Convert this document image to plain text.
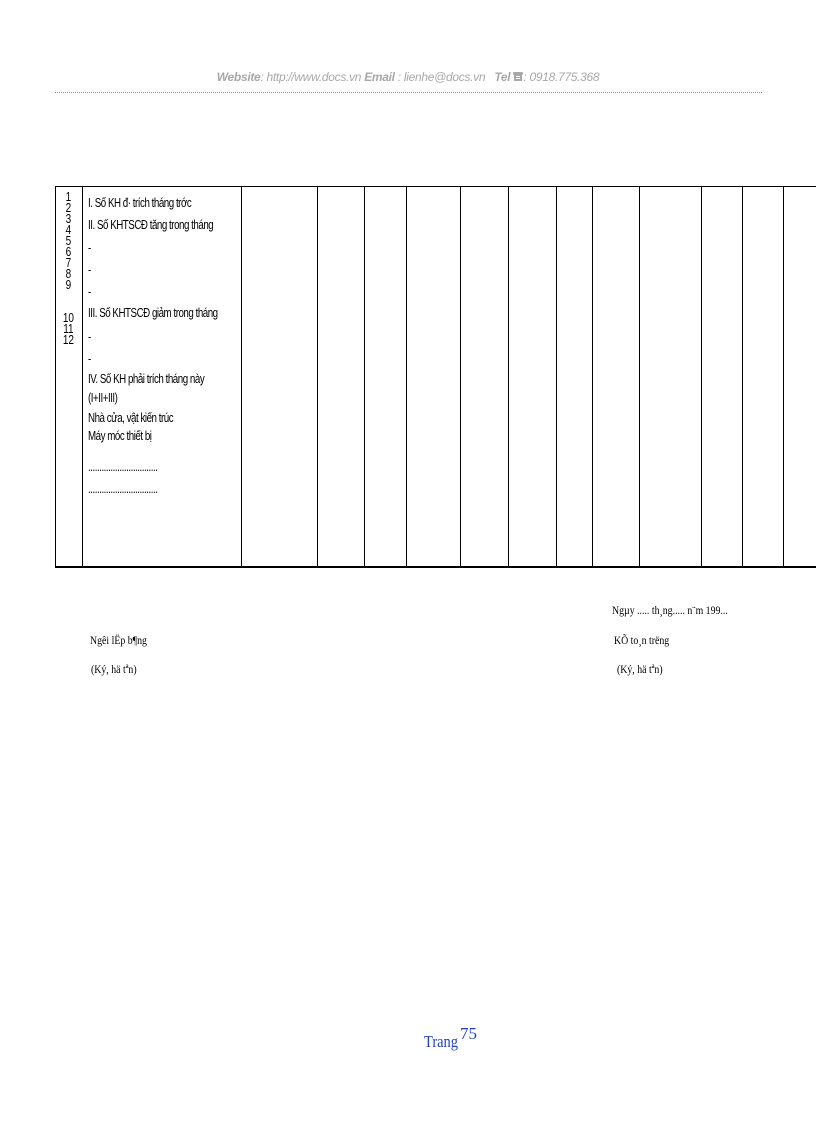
Website: http://www.docs.vn Email : lienhe@docs.vn Tel : 0918.775.368
1
2
3
4
5
6
7
8
9
10
11
12
I. Số KH đ· trích tháng trớc
II. Số KHTSCĐ tăng trong tháng
-
-
-
III. Số KHTSCĐ giảm trong tháng
-
-
IV. Số KH phải trích tháng này
(I+II+III)
Nhà cửa, vật kiến trúc
Máy móc thiết bị
...............................
...............................
Ngµy ..... th¸ng..... n¨m 199...
Ngêi lËp b¶ng
(Ký, hä tªn)
KÕ to¸n trëng
(Ký, hä tªn)
Trang 75
